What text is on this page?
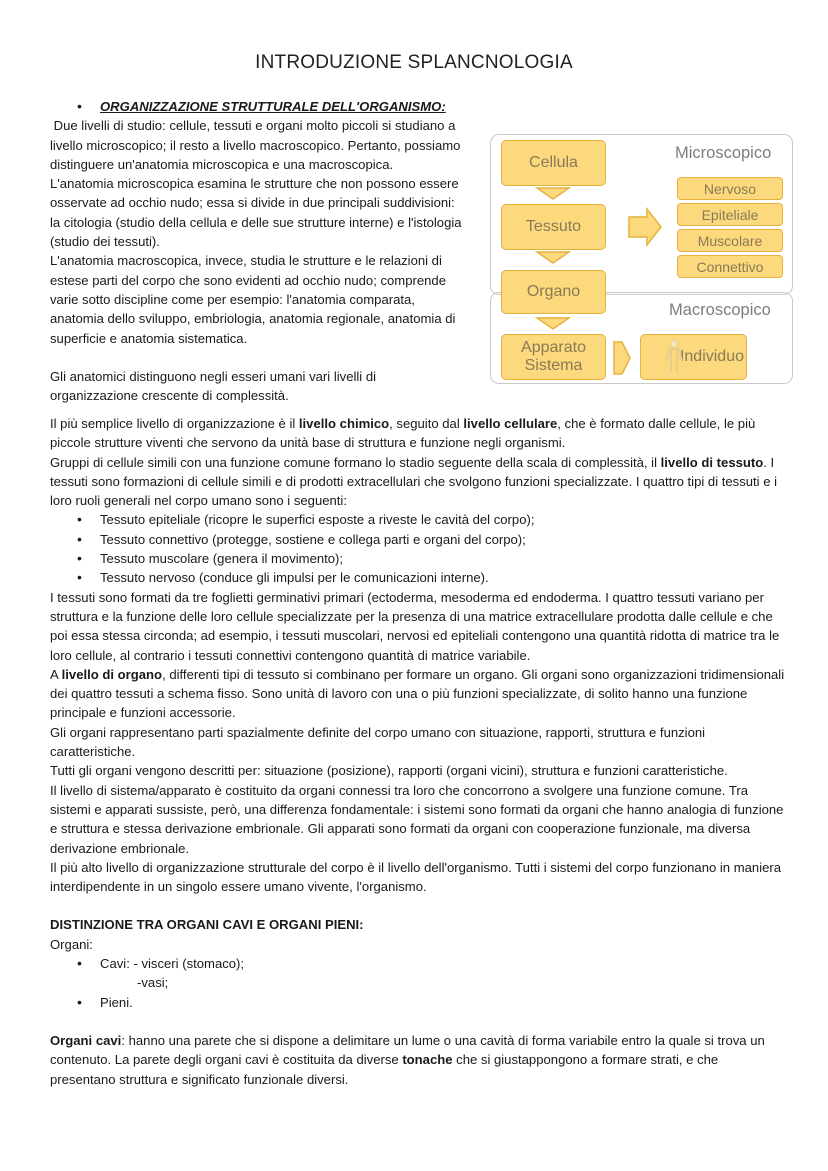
INTRODUZIONE SPLANCNOLOGIA

• ORGANIZZAZIONE STRUTTURALE DELL'ORGANISMO:

Due livelli di studio: cellule, tessuti e organi molto piccoli si studiano a livello microscopico; il resto a livello macroscopico. Pertanto, possiamo distinguere un'anatomia microscopica e una macroscopica.

L'anatomia microscopica esamina le strutture che non possono essere osservate ad occhio nudo; essa si divide in due principali suddivisioni: la citologia (studio della cellula e delle sue strutture interne) e l'istologia (studio dei tessuti).

L'anatomia macroscopica, invece, studia le strutture e le relazioni di estese parti del corpo che sono evidenti ad occhio nudo; comprende varie sotto discipline come per esempio: l'anatomia comparata, anatomia dello sviluppo, embriologia, anatomia regionale, anatomia di superficie e anatomia sistematica.

Gli anatomici distinguono negli esseri umani vari livelli di organizzazione crescente di complessità.

Il più semplice livello di organizzazione è il livello chimico, seguito dal livello cellulare, che è formato dalle cellule, le più piccole strutture viventi che servono da unità base di struttura e funzione negli organismi.

Gruppi di cellule simili con una funzione comune formano lo stadio seguente della scala di complessità, il livello di tessuto. I tessuti sono formazioni di cellule simili e di prodotti extracellulari che svolgono funzioni specializzate. I quattro tipi di tessuti e i loro ruoli generali nel corpo umano sono i seguenti:

• Tessuto epiteliale (ricopre le superfici esposte a riveste le cavità del corpo);

• Tessuto connettivo (protegge, sostiene e collega parti e organi del corpo);

• Tessuto muscolare (genera il movimento);

• Tessuto nervoso (conduce gli impulsi per le comunicazioni interne).

I tessuti sono formati da tre foglietti germinativi primari (ectoderma, mesoderma ed endoderma. I quattro tessuti variano per struttura e la funzione delle loro cellule specializzate per la presenza di una matrice extracellulare prodotta dalle cellule e che poi essa stessa circonda; ad esempio, i tessuti muscolari, nervosi ed epiteliali contengono una quantità ridotta di matrice tra le loro cellule, al contrario i tessuti connettivi contengono quantità di matrice variabile.

A livello di organo, differenti tipi di tessuto si combinano per formare un organo. Gli organi sono organizzazioni tridimensionali dei quattro tessuti a schema fisso. Sono unità di lavoro con una o più funzioni specializzate, di solito hanno una funzione principale e funzioni accessorie.

Gli organi rappresentano parti spazialmente definite del corpo umano con situazione, rapporti, struttura e funzioni caratteristiche.

Tutti gli organi vengono descritti per: situazione (posizione), rapporti (organi vicini), struttura e funzioni caratteristiche.

Il livello di sistema/apparato è costituito da organi connessi tra loro che concorrono a svolgere una funzione comune. Tra sistemi e apparati sussiste, però, una differenza fondamentale: i sistemi sono formati da organi che hanno analogia di funzione e struttura e stessa derivazione embrionale. Gli apparati sono formati da organi con cooperazione funzionale, ma diversa derivazione embrionale.

Il più alto livello di organizzazione strutturale del corpo è il livello dell'organismo. Tutti i sistemi del corpo funzionano in maniera interdipendente in un singolo essere umano vivente, l'organismo.

DISTINZIONE TRA ORGANI CAVI E ORGANI PIENI:

Organi:

• Cavi: - visceri (stomaco);

-vasi;

• Pieni.

Organi cavi: hanno una parete che si dispone a delimitare un lume o una cavità di forma variabile entro la quale si trova un contenuto. La parete degli organi cavi è costituita da diverse tonache che si giustappongono a formare strati, e che presentano struttura e significato funzionale diversi.

Microscopico
Macroscopico
Cellula
Tessuto
Nervoso
Epiteliale
Muscolare
Connettivo
Organo
Apparato
Sistema
Individuo
